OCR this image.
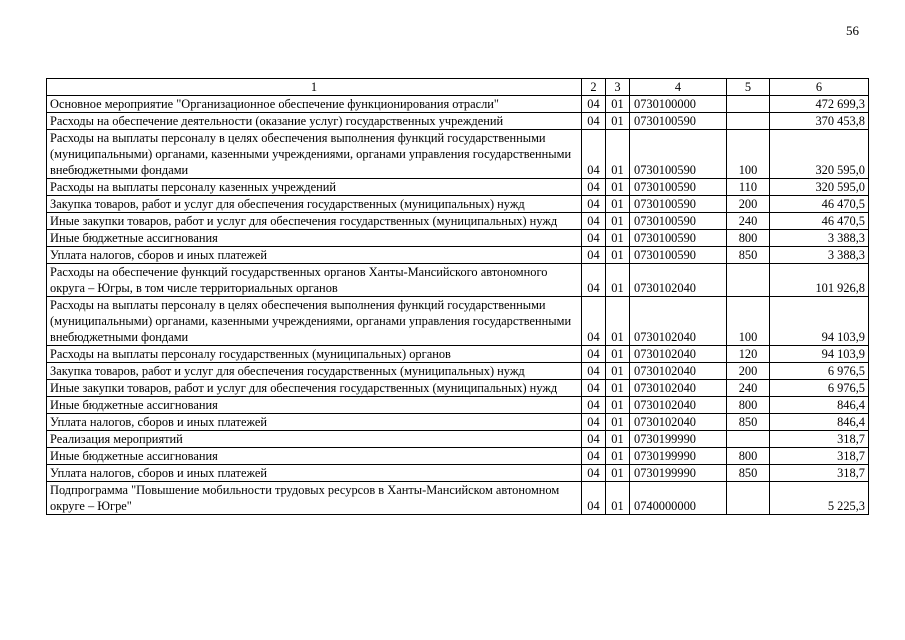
56
1	2	3	4	5	6
Основное мероприятие "Организационное обеспечение функционирования отрасли"	04	01	0730100000		472 699,3
Расходы на обеспечение деятельности (оказание услуг) государственных учреждений	04	01	0730100590		370 453,8
Расходы на выплаты персоналу в целях обеспечения выполнения функций государственными (муниципальными) органами, казенными учреждениями, органами управления государственными внебюджетными фондами	04	01	0730100590	100	320 595,0
Расходы на выплаты персоналу казенных учреждений	04	01	0730100590	110	320 595,0
Закупка товаров, работ и услуг для обеспечения государственных (муниципальных) нужд	04	01	0730100590	200	46 470,5
Иные закупки товаров, работ и услуг для обеспечения государственных (муниципальных) нужд	04	01	0730100590	240	46 470,5
Иные бюджетные ассигнования	04	01	0730100590	800	3 388,3
Уплата налогов, сборов и иных платежей	04	01	0730100590	850	3 388,3
Расходы на обеспечение функций государственных органов Ханты-Мансийского автономного округа – Югры, в том числе территориальных органов	04	01	0730102040		101 926,8
Расходы на выплаты персоналу в целях обеспечения выполнения функций государственными (муниципальными) органами, казенными учреждениями, органами управления государственными внебюджетными фондами	04	01	0730102040	100	94 103,9
Расходы на выплаты персоналу государственных (муниципальных) органов	04	01	0730102040	120	94 103,9
Закупка товаров, работ и услуг для обеспечения государственных (муниципальных) нужд	04	01	0730102040	200	6 976,5
Иные закупки товаров, работ и услуг для обеспечения государственных (муниципальных) нужд	04	01	0730102040	240	6 976,5
Иные бюджетные ассигнования	04	01	0730102040	800	846,4
Уплата налогов, сборов и иных платежей	04	01	0730102040	850	846,4
Реализация мероприятий	04	01	0730199990		318,7
Иные бюджетные ассигнования	04	01	0730199990	800	318,7
Уплата налогов, сборов и иных платежей	04	01	0730199990	850	318,7
Подпрограмма "Повышение мобильности трудовых ресурсов в Ханты-Мансийском автономном округе – Югре"	04	01	0740000000		5 225,3
